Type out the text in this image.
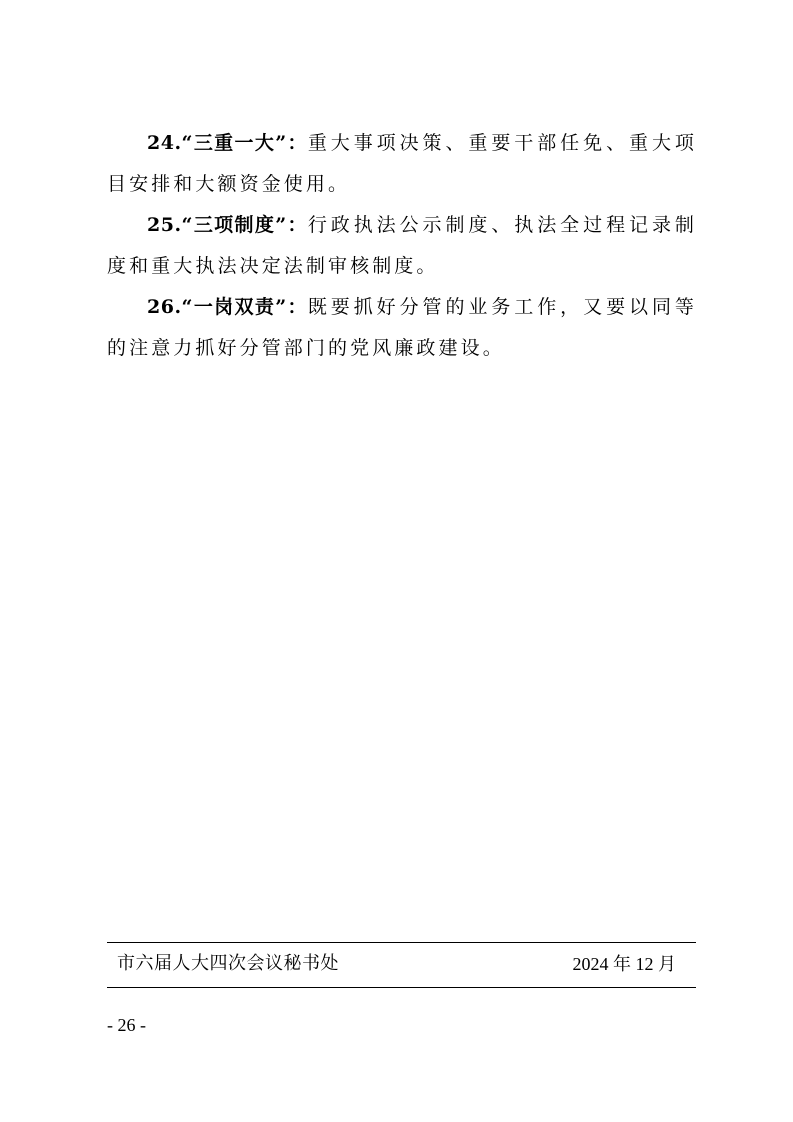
24.“三重一大”：重大事项决策、重要干部任免、重大项目安排和大额资金使用。

25.“三项制度”：行政执法公示制度、执法全过程记录制度和重大执法决定法制审核制度。

26.“一岗双责”：既要抓好分管的业务工作，又要以同等的注意力抓好分管部门的党风廉政建设。

市六届人大四次会议秘书处	2024 年 12 月
- 26 -
